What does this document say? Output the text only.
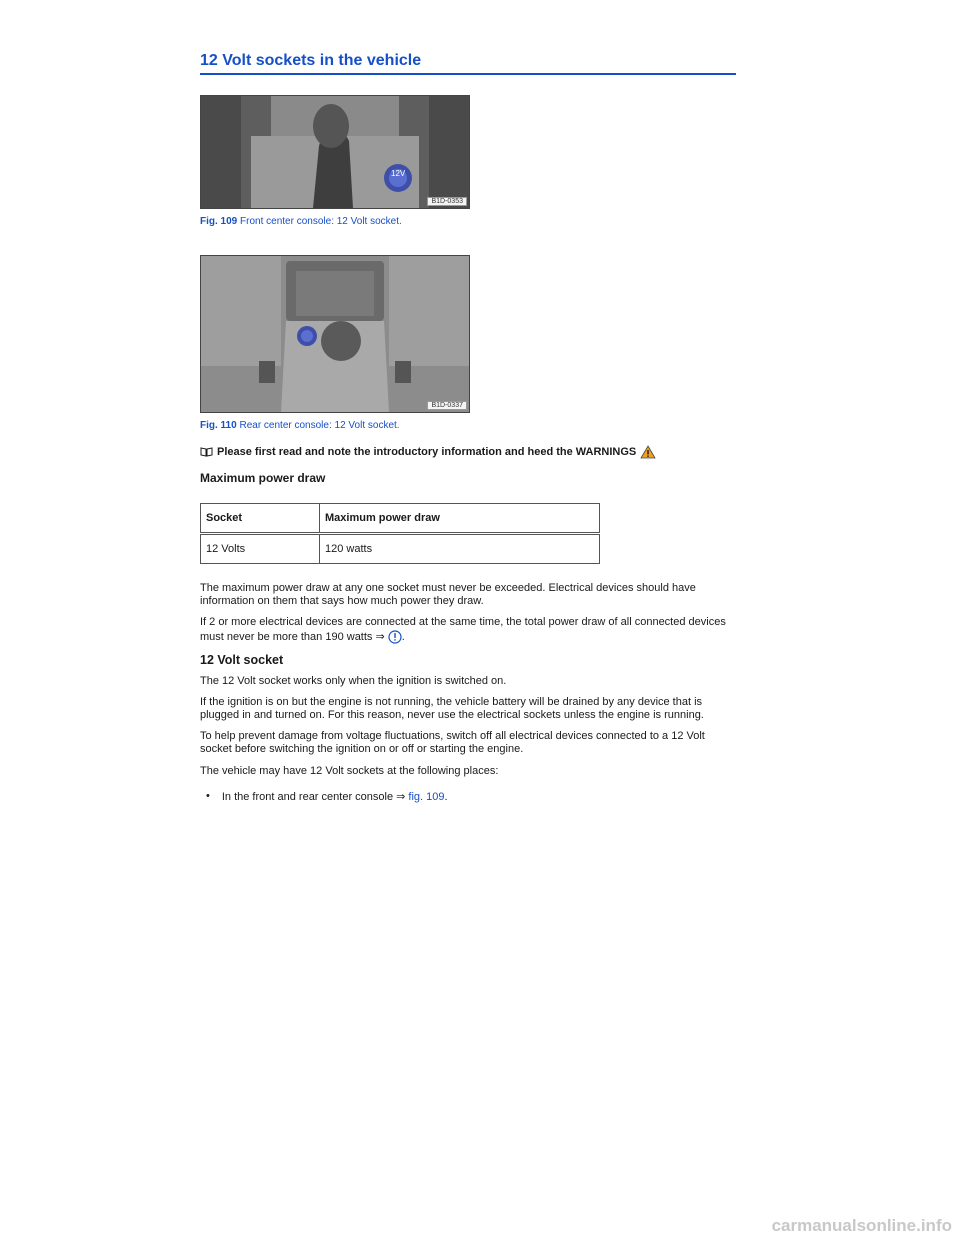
12 Volt sockets in the vehicle
12V
B1D-0353
Fig. 109 Front center console: 12 Volt socket.
B1D-0337
Fig. 110 Rear center console: 12 Volt socket.
Please first read and note the introductory information and heed the WARNINGS
Maximum power draw
Socket	Maximum power draw
12 Volts	120 watts

The maximum power draw at any one socket must never be exceeded. Electrical devices should have information on them that says how much power they draw.

If 2 or more electrical devices are connected at the same time, the total power draw of all connected devices must never be more than 190 watts ⇒ .

12 Volt socket

The 12 Volt socket works only when the ignition is switched on.

If the ignition is on but the engine is not running, the vehicle battery will be drained by any device that is plugged in and turned on. For this reason, never use the electrical sockets unless the engine is running.

To help prevent damage from voltage fluctuations, switch off all electrical devices connected to a 12 Volt socket before switching the ignition on or off or starting the engine.

The vehicle may have 12 Volt sockets at the following places:

• In the front and rear center console ⇒ fig. 109.
carmanualsonline.info
